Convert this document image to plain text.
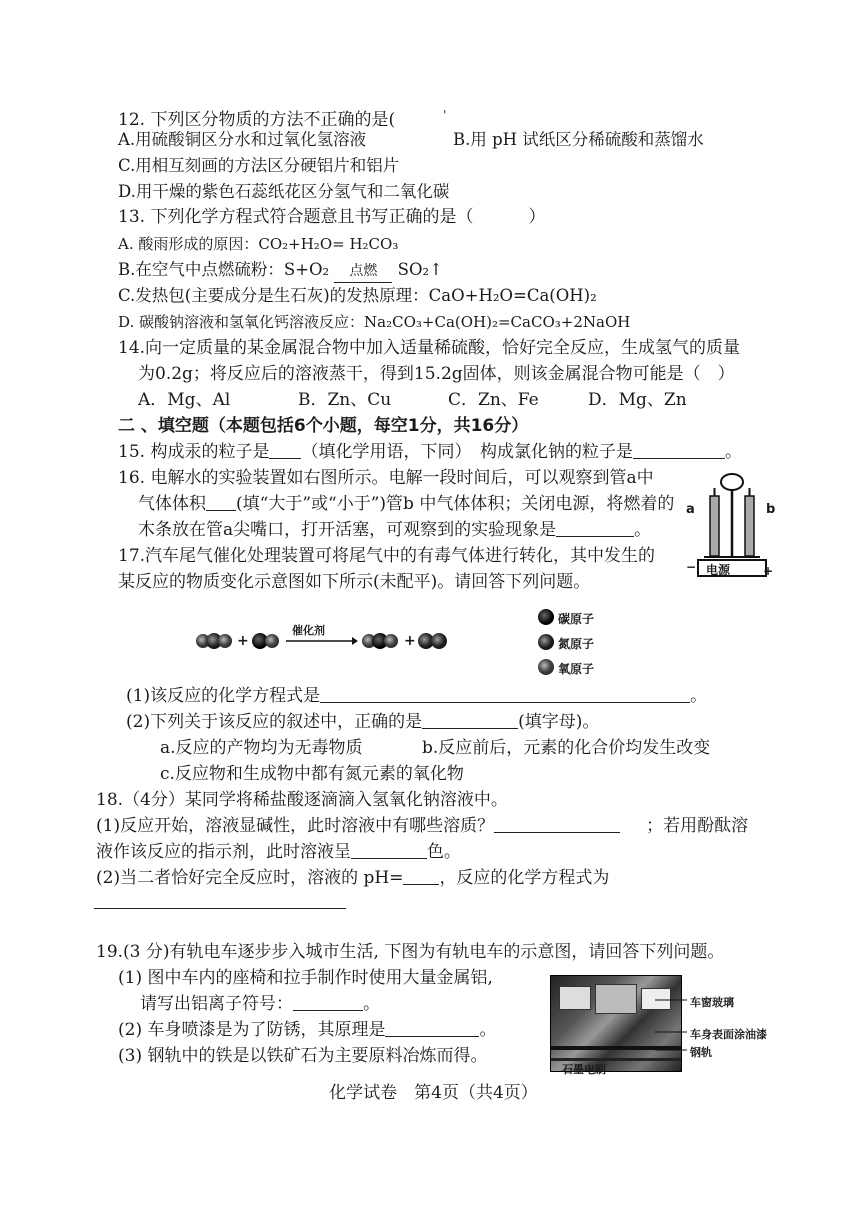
12. 下列区分物质的方法不正确的是(	'
A.用硫酸铜区分水和过氧化氢溶液	B.用 pH 试纸区分稀硫酸和蒸馏水
C.用相互刻画的方法区分硬铝片和铝片
D.用干燥的紫色石蕊纸花区分氢气和二氧化碳
13. 下列化学方程式符合题意且书写正确的是（	）
A. 酸雨形成的原因：CO₂+H₂O= H₂CO₃
B.在空气中点燃硫粉：S+O₂ 点燃 SO₂↑
C.发热包(主要成分是生石灰)的发热原理：CaO+H₂O=Ca(OH)₂
D. 碳酸钠溶液和氢氧化钙溶液反应：Na₂CO₃+Ca(OH)₂=CaCO₃+2NaOH
14.向一定质量的某金属混合物中加入适量稀硫酸，恰好完全反应，生成氢气的质量
为0.2g；将反应后的溶液蒸干，得到15.2g固体，则该金属混合物可能是（　）
A．Mg、Al	B．Zn、Cu	C．Zn、Fe	D．Mg、Zn
二 、填空题（本题包括6个小题，每空1分，共16分）
15. 构成汞的粒子是 （填化学用语，下同）　构成氯化钠的粒子是	。
16. 电解水的实验装置如右图所示。电解一段时间后，可以观察到管a中
气体体积 (填“大于”或“小于”)管b 中气体体积；关闭电源，将燃着的
木条放在管a尖嘴口，打开活塞，可观察到的实验现象是	。
a	b
电源
−	+
17.汽车尾气催化处理装置可将尾气中的有毒气体进行转化，其中发生的
某反应的物质变化示意图如下所示(未配平)。请回答下列问题。
+
催化剂
+
碳原子
氮原子
氧原子
(1)该反应的化学方程式是	。
(2)下列关于该反应的叙述中，正确的是	(填字母)。
a.反应的产物均为无毒物质	b.反应前后，元素的化合价均发生改变
c.反应物和生成物中都有氮元素的氧化物
18.（4分）某同学将稀盐酸逐滴滴入氢氧化钠溶液中。
(1)反应开始，溶液显碱性，此时溶液中有哪些溶质？	；若用酚酞溶
液作该反应的指示剂，此时溶液呈	色。
(2)当二者恰好完全反应时，溶液的 pH= ，反应的化学方程式为
19.(3 分)有轨电车逐步步入城市生活, 下图为有轨电车的示意图，请回答下列问题。
(1) 图中车内的座椅和拉手制作时使用大量金属铝,
请写出铝离子符号：	。
(2) 车身喷漆是为了防锈，其原理是	。
(3) 钢轨中的铁是以铁矿石为主要原料冶炼而得。
车窗玻璃
车身表面涂油漆
钢轨
石墨电刷
化学试卷　第4页（共4页）
